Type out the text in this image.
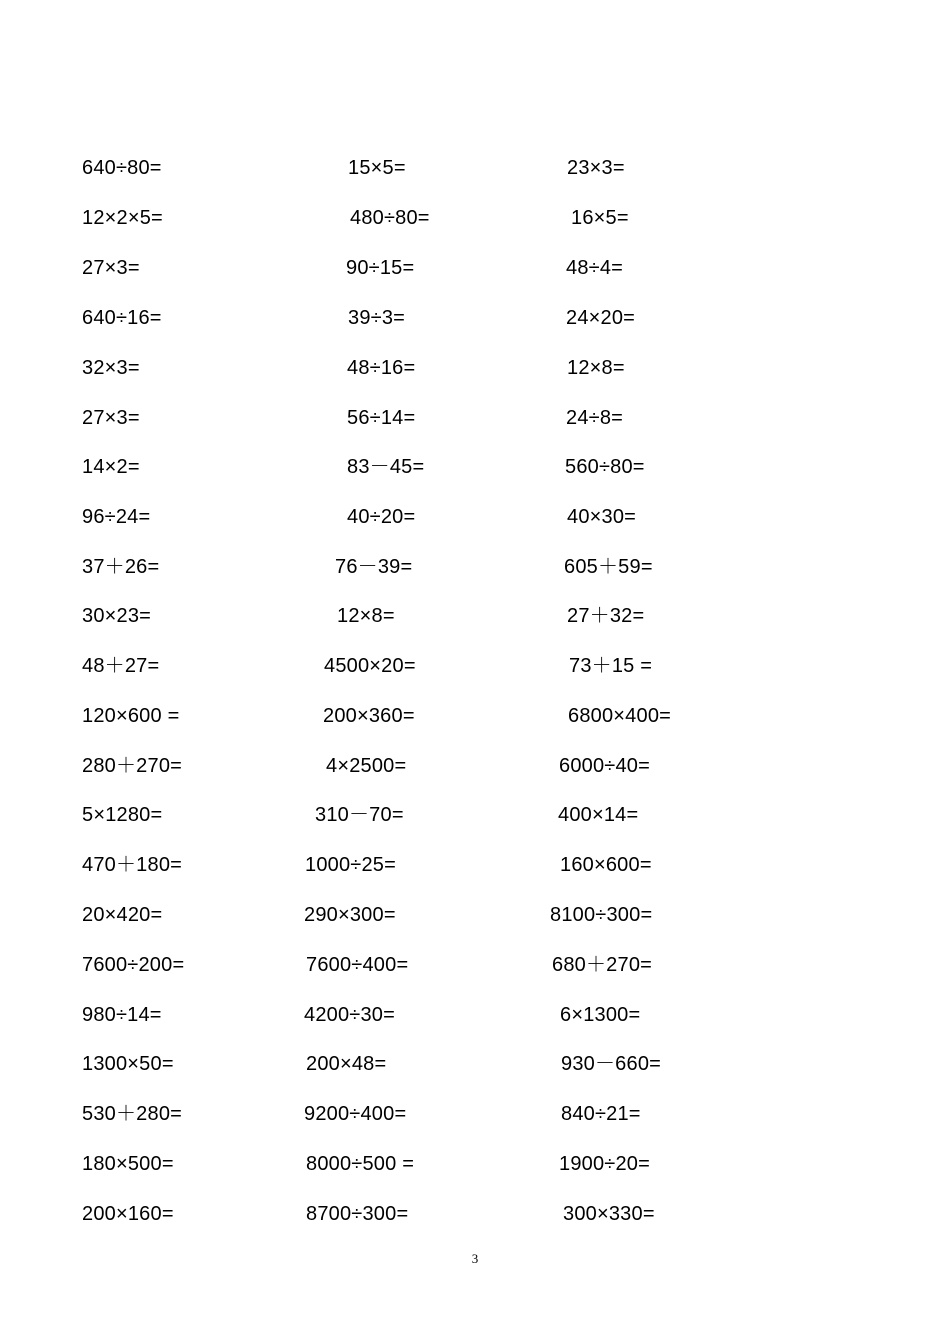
640÷80=	15×5=	23×3=
12×2×5=	480÷80=	16×5=
27×3=	90÷15=	48÷4=
640÷16=	39÷3=	24×20=
32×3=	48÷16=	12×8=
27×3=	56÷14=	24÷8=
14×2=	83－45=	560÷80=
96÷24=	40÷20=	40×30=
37＋26=	76－39=	605＋59=
30×23=	12×8=	27＋32=
48＋27=	4500×20=	73＋15 =
120×600 =	200×360=	6800×400=
280＋270=	4×2500=	6000÷40=
5×1280=	310－70=	400×14=
470＋180=	1000÷25=	160×600=
20×420=	290×300=	8100÷300=
7600÷200=	7600÷400=	680＋270=
980÷14=	4200÷30=	6×1300=
1300×50=	200×48=	930－660=
530＋280=	9200÷400=	840÷21=
180×500=	8000÷500 =	1900÷20=
200×160=	8700÷300=	300×330=
3
